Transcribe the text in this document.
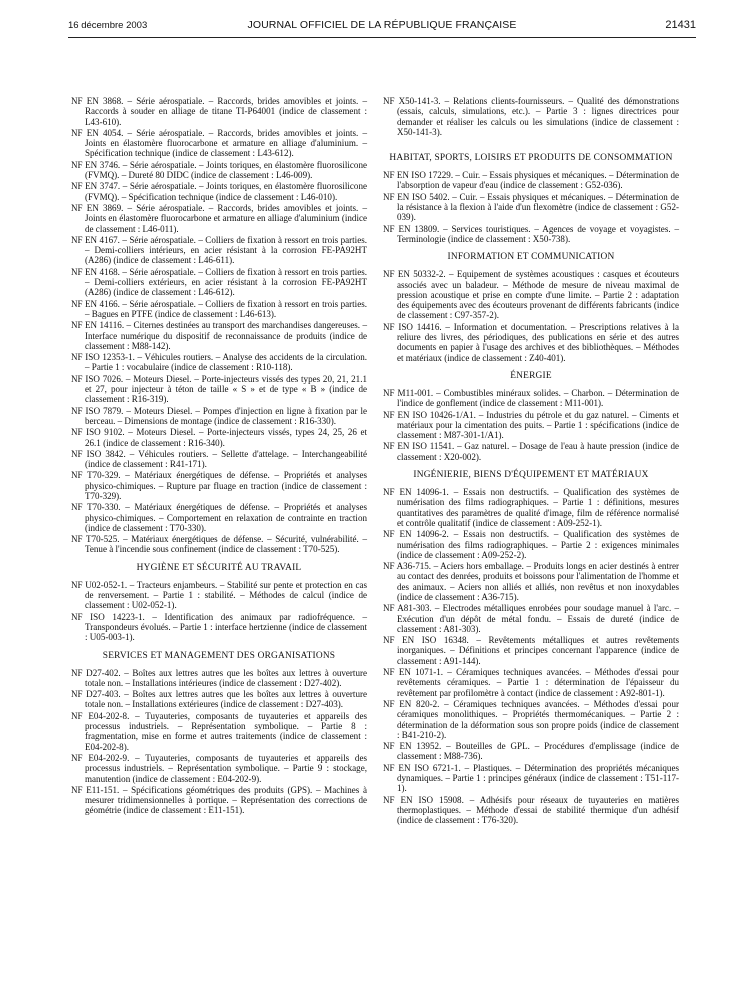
16 décembre 2003	JOURNAL OFFICIEL DE LA RÉPUBLIQUE FRANÇAISE	21431
NF EN 3868. – Série aérospatiale. – Raccords, brides amovibles et joints. – Raccords à souder en alliage de titane TI-P64001 (indice de classement : L43-610).
NF EN 4054. – Série aérospatiale. – Raccords, brides amovibles et joints. – Joints en élastomère fluorocarbone et armature en alliage d'aluminium. – Spécification technique (indice de classement : L43-612).
NF EN 3746. – Série aérospatiale. – Joints toriques, en élastomère fluorosilicone (FVMQ). – Dureté 80 DIDC (indice de classement : L46-009).
NF EN 3747. – Série aérospatiale. – Joints toriques, en élastomère fluorosilicone (FVMQ). – Spécification technique (indice de classement : L46-010).
NF EN 3869. – Série aérospatiale. – Raccords, brides amovibles et joints. – Joints en élastomère fluorocarbone et armature en alliage d'aluminium (indice de classement : L46-011).
NF EN 4167. – Série aérospatiale. – Colliers de fixation à ressort en trois parties. – Demi-colliers intérieurs, en acier résistant à la corrosion FE-PA92HT (A286) (indice de classement : L46-611).
NF EN 4168. – Série aérospatiale. – Colliers de fixation à ressort en trois parties. – Demi-colliers extérieurs, en acier résistant à la corrosion FE-PA92HT (A286) (indice de classement : L46-612).
NF EN 4166. – Série aérospatiale. – Colliers de fixation à ressort en trois parties. – Bagues en PTFE (indice de classement : L46-613).
NF EN 14116. – Citernes destinées au transport des marchandises dangereuses. – Interface numérique du dispositif de reconnaissance de produits (indice de classement : M88-142).
NF ISO 12353-1. – Véhicules routiers. – Analyse des accidents de la circulation. – Partie 1 : vocabulaire (indice de classement : R10-118).
NF ISO 7026. – Moteurs Diesel. – Porte-injecteurs vissés des types 20, 21, 21.1 et 27, pour injecteur à téton de taille « S » et de type « B » (indice de classement : R16-319).
NF ISO 7879. – Moteurs Diesel. – Pompes d'injection en ligne à fixation par le berceau. – Dimensions de montage (indice de classement : R16-330).
NF ISO 9102. – Moteurs Diesel. – Porte-injecteurs vissés, types 24, 25, 26 et 26.1 (indice de classement : R16-340).
NF ISO 3842. – Véhicules routiers. – Sellette d'attelage. – Interchangeabilité (indice de classement : R41-171).
NF T70-329. – Matériaux énergétiques de défense. – Propriétés et analyses physico-chimiques. – Rupture par fluage en traction (indice de classement : T70-329).
NF T70-330. – Matériaux énergétiques de défense. – Propriétés et analyses physico-chimiques. – Comportement en relaxation de contrainte en traction (indice de classement : T70-330).
NF T70-525. – Matériaux énergétiques de défense. – Sécurité, vulnérabilité. – Tenue à l'incendie sous confinement (indice de classement : T70-525).
HYGIÈNE ET SÉCURITÉ AU TRAVAIL
NF U02-052-1. – Tracteurs enjambeurs. – Stabilité sur pente et protection en cas de renversement. – Partie 1 : stabilité. – Méthodes de calcul (indice de classement : U02-052-1).
NF ISO 14223-1. – Identification des animaux par radiofréquence. – Transpondeurs évolués. – Partie 1 : interface hertzienne (indice de classement : U05-003-1).
SERVICES ET MANAGEMENT DES ORGANISATIONS
NF D27-402. – Boîtes aux lettres autres que les boîtes aux lettres à ouverture totale non. – Installations intérieures (indice de classement : D27-402).
NF D27-403. – Boîtes aux lettres autres que les boîtes aux lettres à ouverture totale non. – Installations extérieures (indice de classement : D27-403).
NF E04-202-8. – Tuyauteries, composants de tuyauteries et appareils des processus industriels. – Représentation symbolique. – Partie 8 : fragmentation, mise en forme et autres traitements (indice de classement : E04-202-8).
NF E04-202-9. – Tuyauteries, composants de tuyauteries et appareils des processus industriels. – Représentation symbolique. – Partie 9 : stockage, manutention (indice de classement : E04-202-9).
NF E11-151. – Spécifications géométriques des produits (GPS). – Machines à mesurer tridimensionnelles à portique. – Représentation des corrections de géométrie (indice de classement : E11-151).
NF X50-141-3. – Relations clients-fournisseurs. – Qualité des démonstrations (essais, calculs, simulations, etc.). – Partie 3 : lignes directrices pour demander et réaliser les calculs ou les simulations (indice de classement : X50-141-3).
HABITAT, SPORTS, LOISIRS ET PRODUITS DE CONSOMMATION
NF EN ISO 17229. – Cuir. – Essais physiques et mécaniques. – Détermination de l'absorption de vapeur d'eau (indice de classement : G52-036).
NF EN ISO 5402. – Cuir. – Essais physiques et mécaniques. – Détermination de la résistance à la flexion à l'aide d'un flexomètre (indice de classement : G52-039).
NF EN 13809. – Services touristiques. – Agences de voyage et voyagistes. – Terminologie (indice de classement : X50-738).
INFORMATION ET COMMUNICATION
NF EN 50332-2. – Equipement de systèmes acoustiques : casques et écouteurs associés avec un baladeur. – Méthode de mesure de niveau maximal de pression acoustique et prise en compte d'une limite. – Partie 2 : adaptation des équipements avec des écouteurs provenant de différents fabricants (indice de classement : C97-357-2).
NF ISO 14416. – Information et documentation. – Prescriptions relatives à la reliure des livres, des périodiques, des publications en série et des autres documents en papier à l'usage des archives et des bibliothèques. – Méthodes et matériaux (indice de classement : Z40-401).
ÉNERGIE
NF M11-001. – Combustibles minéraux solides. – Charbon. – Détermination de l'indice de gonflement (indice de classement : M11-001).
NF EN ISO 10426-1/A1. – Industries du pétrole et du gaz naturel. – Ciments et matériaux pour la cimentation des puits. – Partie 1 : spécifications (indice de classement : M87-301-1/A1).
NF EN ISO 11541. – Gaz naturel. – Dosage de l'eau à haute pression (indice de classement : X20-002).
INGÉNIERIE, BIENS D'ÉQUIPEMENT ET MATÉRIAUX
NF EN 14096-1. – Essais non destructifs. – Qualification des systèmes de numérisation des films radiographiques. – Partie 1 : définitions, mesures quantitatives des paramètres de qualité d'image, film de référence normalisé et contrôle qualitatif (indice de classement : A09-252-1).
NF EN 14096-2. – Essais non destructifs. – Qualification des systèmes de numérisation des films radiographiques. – Partie 2 : exigences minimales (indice de classement : A09-252-2).
NF A36-715. – Aciers hors emballage. – Produits longs en acier destinés à entrer au contact des denrées, produits et boissons pour l'alimentation de l'homme et des animaux. – Aciers non alliés et alliés, non revêtus et non inoxydables (indice de classement : A36-715).
NF A81-303. – Electrodes métalliques enrobées pour soudage manuel à l'arc. – Exécution d'un dépôt de métal fondu. – Essais de dureté (indice de classement : A81-303).
NF EN ISO 16348. – Revêtements métalliques et autres revêtements inorganiques. – Définitions et principes concernant l'apparence (indice de classement : A91-144).
NF EN 1071-1. – Céramiques techniques avancées. – Méthodes d'essai pour revêtements céramiques. – Partie 1 : détermination de l'épaisseur du revêtement par profilomètre à contact (indice de classement : A92-801-1).
NF EN 820-2. – Céramiques techniques avancées. – Méthodes d'essai pour céramiques monolithiques. – Propriétés thermomécaniques. – Partie 2 : détermination de la déformation sous son propre poids (indice de classement : B41-210-2).
NF EN 13952. – Bouteilles de GPL. – Procédures d'emplissage (indice de classement : M88-736).
NF EN ISO 6721-1. – Plastiques. – Détermination des propriétés mécaniques dynamiques. – Partie 1 : principes généraux (indice de classement : T51-117-1).
NF EN ISO 15908. – Adhésifs pour réseaux de tuyauteries en matières thermoplastiques. – Méthode d'essai de stabilité thermique d'un adhésif (indice de classement : T76-320).
